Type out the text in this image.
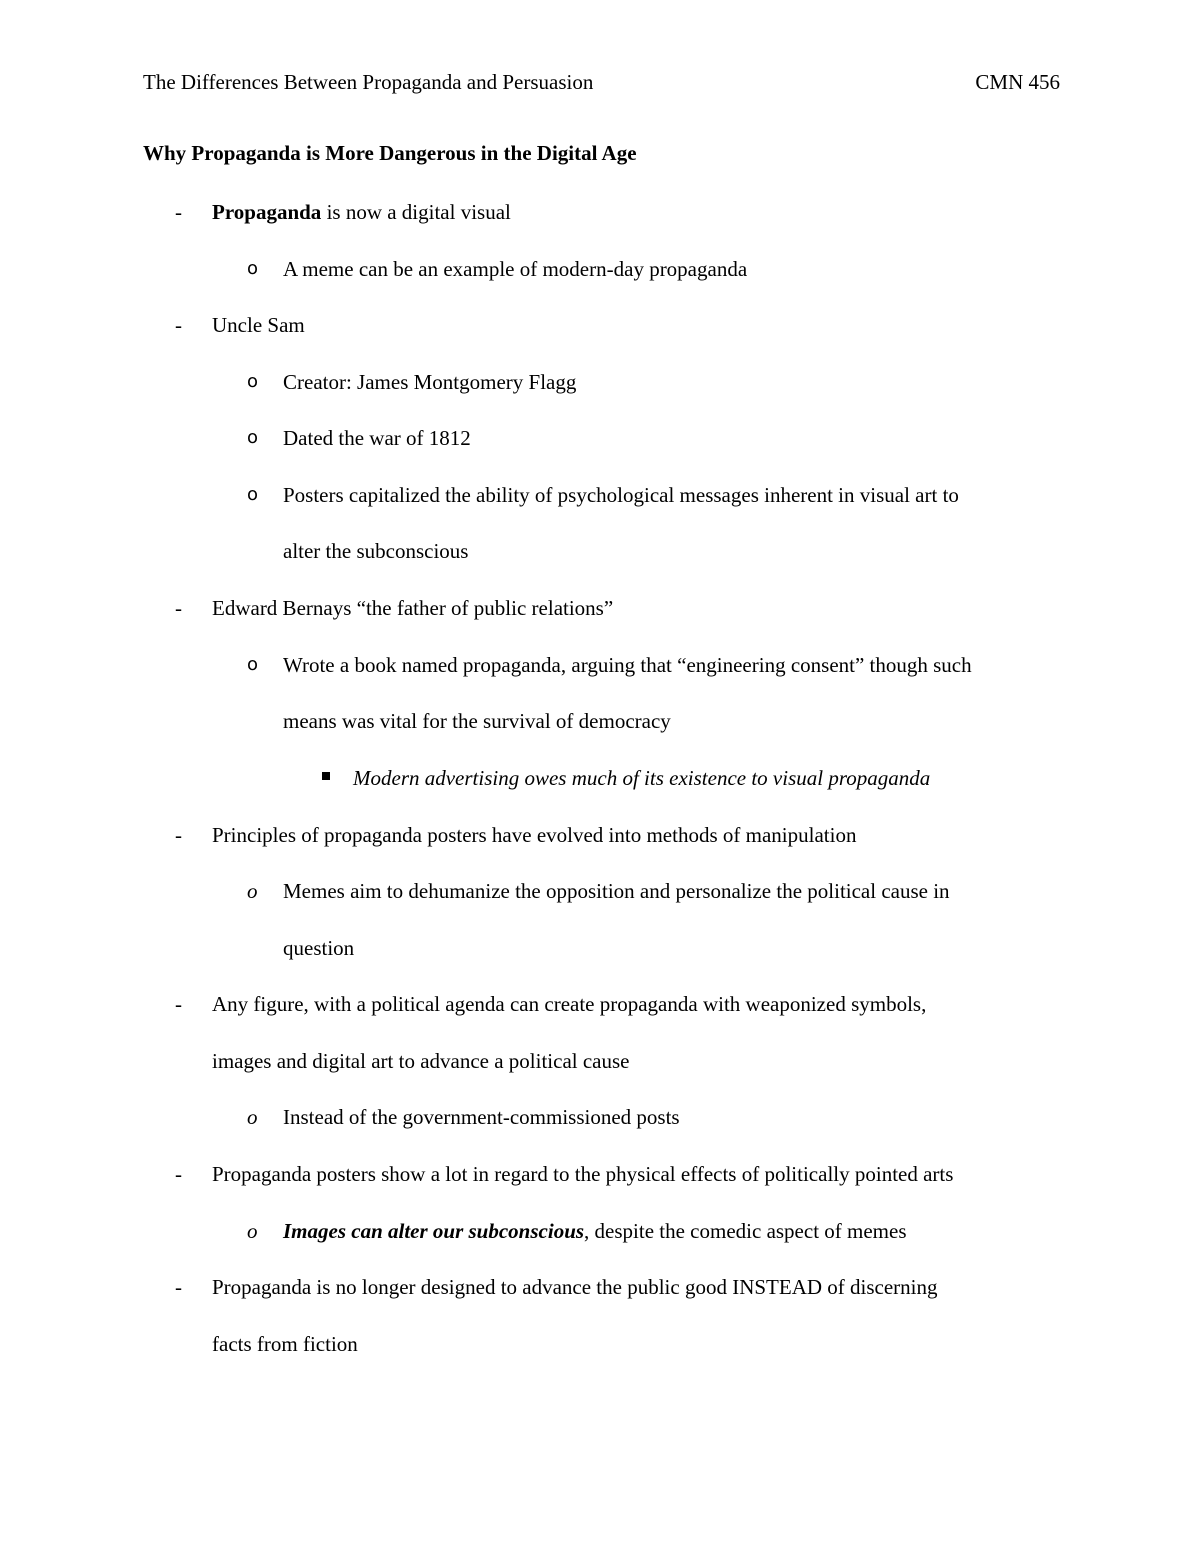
The Differences Between Propaganda and Persuasion	CMN 456
Why Propaganda is More Dangerous in the Digital Age
-	Propaganda is now a digital visual
o	A meme can be an example of modern-day propaganda
-	Uncle Sam
o	Creator: James Montgomery Flagg
o	Dated the war of 1812
o	Posters capitalized the ability of psychological messages inherent in visual art to
alter the subconscious
-	Edward Bernays “the father of public relations”
o	Wrote a book named propaganda, arguing that “engineering consent” though such
means was vital for the survival of democracy
Modern advertising owes much of its existence to visual propaganda
-	Principles of propaganda posters have evolved into methods of manipulation
o	Memes aim to dehumanize the opposition and personalize the political cause in
question
-	Any figure, with a political agenda can create propaganda with weaponized symbols,
images and digital art to advance a political cause
o	Instead of the government-commissioned posts
-	Propaganda posters show a lot in regard to the physical effects of politically pointed arts
o	Images can alter our subconscious, despite the comedic aspect of memes
-	Propaganda is no longer designed to advance the public good INSTEAD of discerning
facts from fiction
